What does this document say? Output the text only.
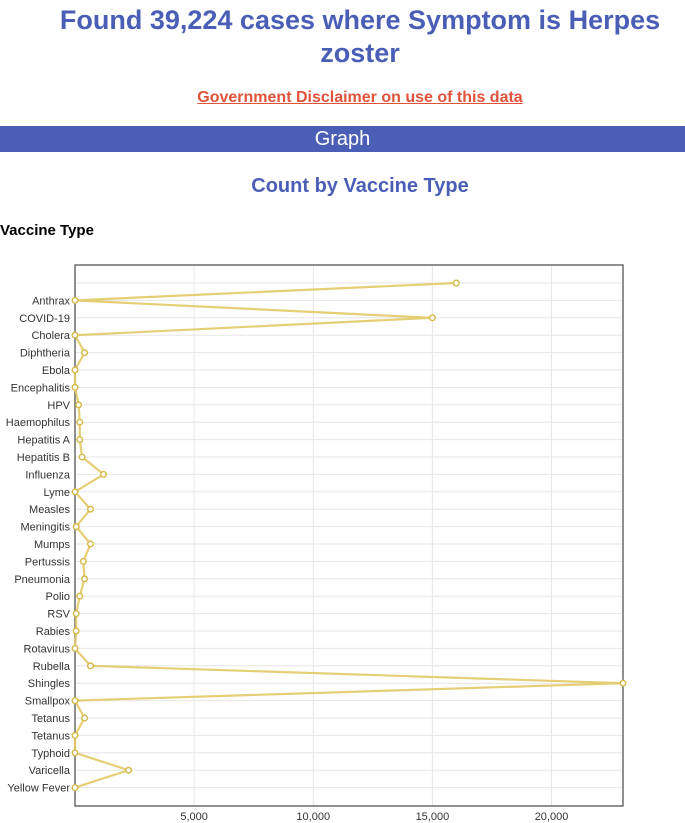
Found 39,224 cases where Symptom is Herpes zoster
Government Disclaimer on use of this data
Graph
Count by Vaccine Type
Vaccine Type
5,000	10,000	15,000	20,000
Anthrax
COVID-19
Cholera
Diphtheria
Ebola
Encephalitis
HPV
Haemophilus
Hepatitis A
Hepatitis B
Influenza
Lyme
Measles
Meningitis
Mumps
Pertussis
Pneumonia
Polio
RSV
Rabies
Rotavirus
Rubella
Shingles
Smallpox
Tetanus
Tetanus
Typhoid
Varicella
Yellow Fever
